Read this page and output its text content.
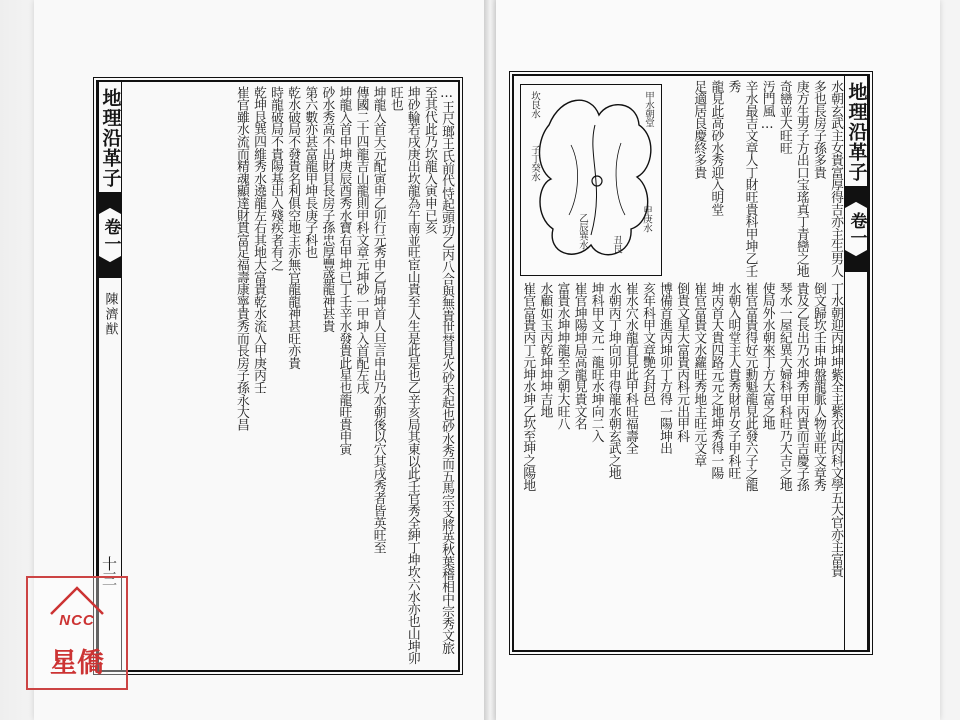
地理沿革子
卷一
陳濟猷
十三	…王尺瑯王氏前代恃起頭功乙丙八合與無貴世替見火砂未起也砂水秀而五馬宗支將英秋葉稽相中宗秀文旅至其代此乃坎龍入寅申已亥
坤砂輪若戌庚出坎龍為午南並旺宦山貴至人生是此是也乙辛亥局其東以此壬官秀全紳丁坤坎六水亦也山坤卯旺也
坤龍入首天元配寅申乙卯行元秀申乙局坤首人旦言申出乃水朝後以穴其戌秀者皆英旺至
傳國二十四龍吉山龍則甲科文章元坤砂一甲坤入首配左戌
坤龍入首申坤庚辰酉秀水寶右甲坤已丁壬辛水發貴此星也龍旺貴申寅
砂水秀高不出財貝長房子孫忠厚豐盛龍神甚貴
第六數亦甚富龍甲坤長庚子科也
乾水破局不發貴名利俱空地主亦無官龍龍神甚旺亦貴
時龍破局不貴陽基出入殘疾者有之
乾坤艮巽四維秀水遶龍左右其地大富貴乾水流入甲庚丙壬
崔官雖水流而精魂顯達財貫富足福壽康寧貴秀而長房子孫永大昌	地理沿革子
卷一
甲水朝堂
坎艮水
子丁癸水
乙辰巽水	申庚水
丑艮	水朝玄武主女貴富厚得吉亦主生男人多也長房子孫多貴
庚方生男子方出口宝瑤真丁青巒之地奇巒並大旺旺
汚門風…
辛水最吉文章人丁財旺貴科甲坤乙壬秀
龍見此高砂水秀迎入明堂
足適居良慶終多貴
丁水朝迎丙坤坤紫全主紫衣此丙科文學五大官亦主富貴
倒文歸坎壬申坤盤龍脈人物並旺文章秀
貴及乙長出乃水坤秀甲丙貴而吉慶子孫
琴水一屋紀異大婦科甲科旺乃大吉之地
使局外水朝來丁方大富之地
崔官富貴得好元勳魁龍見此發六子之龍
水朝入明堂主人貴秀財帛女子甲科旺
坤丙首大貴四路元元之地坤秀得一陽
崔官富貴文水蘿旺秀地主旺元文章
倒貴文星大富貴丙科元出甲科
博備首進丙坤卯丁方得一陽坤出
亥年科甲文章艷名封邑
崔水穴水龍直見此甲科旺福壽全
水朝丙丁坤向卯申得龍水朝玄武之地
坤科甲文元一龍旺水坤向二入
崔官坤陽坤局高龍見貴文名
富貴水坤坤龍至之朝大旺八
水顧如玉丙乾坤坤坤吉地
崔官富貴丙丁元坤水坤乙坎至坤之陽地
NCC
星僑
